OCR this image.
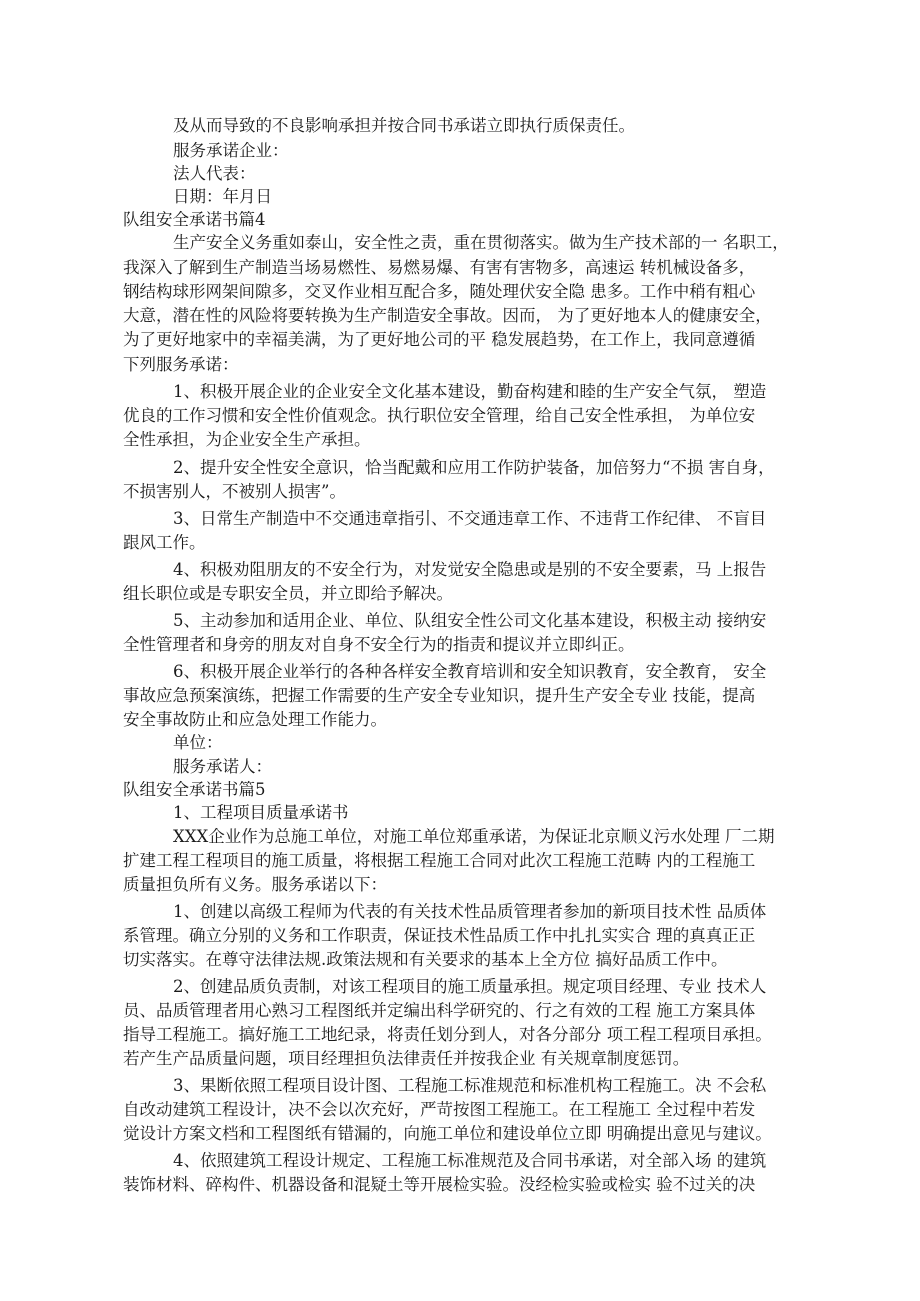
及从而导致的不良影响承担并按合同书承诺立即执行质保责任。
服务承诺企业：
法人代表：
日期：年月日
队组安全承诺书篇4
生产安全义务重如泰山，安全性之责，重在贯彻落实。做为生产技术部的一 名职工，
我深入了解到生产制造当场易燃性、易燃易爆、有害有害物多，高速运 转机械设备多，
钢结构球形网架间隙多，交叉作业相互配合多，随处理伏安全隐 患多。工作中稍有粗心
大意，潜在性的风险将要转换为生产制造安全事故。因而， 为了更好地本人的健康安全，
为了更好地家中的幸福美满，为了更好地公司的平 稳发展趋势，在工作上，我同意遵循
下列服务承诺：
1、积极开展企业的企业安全文化基本建设，勤奋构建和睦的生产安全气氛， 塑造
优良的工作习惯和安全性价值观念。执行职位安全管理，给自己安全性承担， 为单位安
全性承担，为企业安全生产承担。
2、提升安全性安全意识，恰当配戴和应用工作防护装备，加倍努力“不损 害自身，
不损害别人，不被别人损害”。
3、日常生产制造中不交通违章指引、不交通违章工作、不违背工作纪律、 不盲目
跟风工作。
4、积极劝阻朋友的不安全行为，对发觉安全隐患或是别的不安全要素，马 上报告
组长职位或是专职安全员，并立即给予解决。
5、主动参加和适用企业、单位、队组安全性公司文化基本建设，积极主动 接纳安
全性管理者和身旁的朋友对自身不安全行为的指责和提议并立即纠正。
6、积极开展企业举行的各种各样安全教育培训和安全知识教育，安全教育， 安全
事故应急预案演练，把握工作需要的生产安全专业知识，提升生产安全专业 技能，提高
安全事故防止和应急处理工作能力。
单位：
服务承诺人：
队组安全承诺书篇5
1、工程项目质量承诺书
XXX企业作为总施工单位，对施工单位郑重承诺，为保证北京顺义污水处理 厂二期
扩建工程工程项目的施工质量，将根据工程施工合同对此次工程施工范畴 内的工程施工
质量担负所有义务。服务承诺以下：
1、创建以高级工程师为代表的有关技术性品质管理者参加的新项目技术性 品质体
系管理。确立分别的义务和工作职责，保证技术性品质工作中扎扎实实合 理的真真正正
切实落实。在尊守法律法规.政策法规和有关要求的基本上全方位 搞好品质工作中。
2、创建品质负责制，对该工程项目的施工质量承担。规定项目经理、专业 技术人
员、品质管理者用心熟习工程图纸并定编出科学研究的、行之有效的工程 施工方案具体
指导工程施工。搞好施工工地纪录，将责任划分到人，对各分部分 项工程工程项目承担。
若产生产品质量问题，项目经理担负法律责任并按我企业 有关规章制度惩罚。
3、果断依照工程项目设计图、工程施工标准规范和标准机构工程施工。决 不会私
自改动建筑工程设计，决不会以次充好，严苛按图工程施工。在工程施工 全过程中若发
觉设计方案文档和工程图纸有错漏的，向施工单位和建设单位立即 明确提出意见与建议。
4、依照建筑工程设计规定、工程施工标准规范及合同书承诺，对全部入场 的建筑
装饰材料、碎构件、机器设备和混疑土等开展检实验。没经检实验或检实 验不过关的决
